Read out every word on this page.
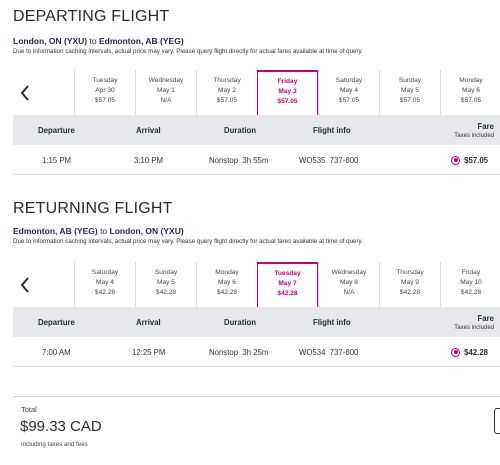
DEPARTING FLIGHT
London, ON (YXU) to Edmonton, AB (YEG)
Due to information caching intervals, actual price may vary. Please query flight directly for actual fares available at time of query.
Tuesday
Apr 30
$57.05
Wednesday
May 1
N/A
Thursday
May 2
$57.05
Friday
May 3
$57.05
Saturday
May 4
$57.05
Sunday
May 5
$57.05
Monday
May 6
$57.05
Departure	Arrival	Duration	Flight info	Fare
Taxes included
1:15 PM	3:10 PM	Nonstop  3h 55m	WO535  737-800	$57.05
RETURNING FLIGHT
Edmonton, AB (YEG) to London, ON (YXU)
Due to information caching intervals, actual price may vary. Please query flight directly for actual fares available at time of query.
Saturday
May 4
$42.28
Sunday
May 5
$42.28
Monday
May 6
$42.28
Tuesday
May 7
$42.28
Wednesday
May 8
N/A
Thursday
May 9
$42.28
Friday
May 10
$42.28
Departure	Arrival	Duration	Flight info	Fare
Taxes included
7:00 AM	12:25 PM	Nonstop  3h 25m	WO534  737-800	$42.28
Total
$99.33 CAD
Including taxes and fees
